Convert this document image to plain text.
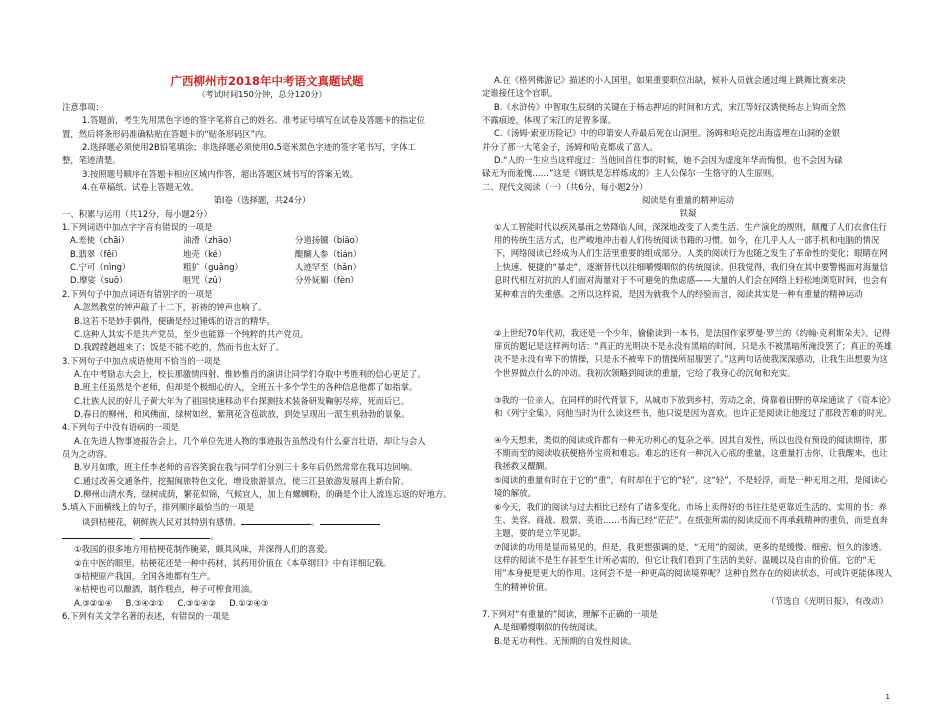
广西柳州市2018年中考语文真题试题

（考试时间150分钟，总分120分）

注意事项：

1.答题前，考生先用黑色字迹的签字笔将自己的姓名、准考证号填写在试卷及答题卡的指定位

置，然后将条形码准确粘贴在答题卡的“贴条形码区”内。

2.选择题必须使用2B铅笔填涂；非选择题必须使用0.5毫米黑色字迹的签字笔书写，字体工

整，笔迹清楚。

3.按照题号顺序在答题卡相应区域内作答，超出答题区域书写的答案无效。

4.在草稿纸、试卷上答题无效。

第Ⅰ卷（选择题，共24分）

一、积累与运用（共12分，每小题2分）

1.下列词语中加点字字音有错误的一项是

A.差使（chāi）	油滑（zhāo）	分道扬镳（biāo）
B.翡翠（fěi）	地壳（ké）	醍醐人参（tián）
C.宁可（nìng）	粗犷（guǎng）	人迹罕至（hǎn）
D.摩娑（suō）	咀咒（zǔ）	分外妩媚（fèn）

2.下列句子中加点词语有错别字的一项是

A.忽然教堂的钟声敲了十二下，祈祷的钟声也响了。

B.这若不是妙手偶得，便确是经过锤炼的语言的精华。

C.这种人其实不是共产党员，至少也能算一个纯粹的共产党员。

D.我蹚蹚趔趄来了；饭是不能不吃的，然而书也太好了。

3.下列句子中加点成语使用不恰当的一项是

A.在中考励志大会上，校长那激情四射、惟妙惟肖的演讲让同学们夺取中考胜利的信心更足了。

B.班主任虽然是个老师，但却是个极细心的人，全班五十多个学生的各种信息他都了如指掌。

C.壮族人民的好儿子黄大年为了祖国快速移动平台探测技术装备研发鞠躬尽瘁，死而后已。

D.春日的柳州，和风佛面，绿树如丝，紫荆花含苞欲放，到处呈现出一派生机勃勃的景象。

4.下列句子中没有语病的一项是

A.在先进人物事迹报告会上，几个单位先进人物的事迹报告虽然没有什么豪言壮语，却让与会人

员为之动容。

B.岁月如歌，班主任李老师的音容笑貌在我与同学们分别三十多年后仍然常常在我耳边回响。

C.通过改善交通条件，挖掘闽旅特色文化，增设旅游景点，使三江县旅游发展再上新台阶。

D.柳州山清水秀，绿树成荫，繁花似锦，气候宜人，加上有螺蛳粉，的确是个让人流连忘返的好地方。

5.填入下面横线上的句子，排列顺序最恰当的一项是

谈到桔梗花，朝鲜族人民对其特别有感情。	。

。	。

①我国的很多地方用桔梗花制作腌菜，颇具风味，并深得人们的喜爱。

②在中医的眼里，桔梗花还是一种中药材，其药用价值在《本草纲目》中有详细记载。

③桔梗原产我国，全国各地都有生产。

④桔梗也可以酿酒，制作糕点，种子可榨食用油。

A.③②①④     B.③④②①     C.③①④②     D.①②④③

6.下列有关文学名著的表述，有错误的一项是

A.在《格列佛游记》描述的小人国里，如果重要职位出缺，候补人员就会通过绳上跳舞比赛来决

定谁接任这个官职。

B.《水浒传》中智取生辰纲的关键在于杨志押运的时间和方式，宋江等好汉诱使杨志上钩而全然

不露痕迹，体现了宋江的足智多谋。

C.《汤姆·索亚历险记》中的印第安人乔最后死在山洞里。汤姆和哈克挖出海盗埋在山洞的金银

并分了那一大笔金子，汤姆和哈克都成了富人。

D.“人的一生应当这样度过：当他回首往事的时候，她不会因为虚度年华而悔恨，也不会因为碌

碌无为而羞愧……”这是《钢铁是怎样炼成的》主人公保尔一生恪守的人生原则。

二、现代文阅读（一）（共6分，每小题2分）

阅读是有重量的精神运动

铁凝

①人工智能时代以疾风暴雨之势降临人间，深深地改变了人类生活、生产演化的规则，颠覆了人们衣食住行用的传统生活方式，也严峻地冲击着人们传统阅读书籍的习惯。如今，在几乎人人一部手机和电脑的情况下，网络阅读已经成为人们生活里重要的组成部分。人类的阅读行为也随之发生了革命性的变化；眼睛在网上快速、便捷的“暴走”，逐渐替代以往细嚼慢咽似的传统阅读。但我觉得，我们身在其中要警惕面对海量信息时代相互对抗的人们面对海量对于不可避免的焦虑感——大量的人们会在网络上轻松地浏览时间，也会有某种难言的失重感。之所以这样说，是因为就我个人的经验而言，阅读其实是一种有重量的精神运动

②上世纪70年代初，我还是一个少年，偷偷读到一本书，是法国作家罗曼·罗兰的《约翰·克利斯朵夫》。记得扉页的题记是这样两句话：“真正的光明决不是永没有黑暗的时间，只是永不被黑暗所淹没罢了；真正的英雄决不是永没有卑下的情操，只是永不被卑下的情操所屈服罢了。”这两句话使我深深感动，让我生出想要为这个世界做点什么的冲动。我初次领略到阅读的重量，它给了我身心的沉甸和充实。

③我的一位亲人，在同样的时代背景下，从城市下放到乡村，劳动之余，倚靠着田野的草垛通读了《资本论》和《列宁全集》。问他当时为什么读这些书，他只说是因为喜欢。也许正是阅读让他度过了那段苦难的时光。

④今天想来，类似的阅读或许都有一种无功利心的复杂之举。因其自发性，所以也没有预设的阅读期待，那不期而至的阅读收获便格外宝贵和难忘。难忘的还有一种沉入心底的重量，这重量打击你，让我醒来，也让我拯救又醍醐。

⑤阅读的重量有时在于它的“重”，有时却在于它的“轻”，这“轻”，不是轻浮，而是一种无用之用，是阅读心境的解放。

⑥今天，我们的阅读与过去相比已经有了诸多变化。市场上卖得好的书往往是更靠近生活的、实用的书：养生、美容、商战、股票、英语……书海已经“茫茫”。在纸张所需的阅读反而不再承载精神的重负，而是直奔主题，要的是立竿见影。

⑦阅读的功用是显而易见的，但是，我更想强调的是，“无用”的阅读，更多的是缓慢、细密、恒久的渗透。这样的阅读不是生存甚至生计所必需的，但它让我们看到了生活的美好、温暖以及自由的价值。它的“无用”本身便是更大的作用。这何尝不是一种更高的阅读境界呢？这种自然存在的阅读状态，可或许更能体现人生的精神价值。

（节选自《光明日报》，有改动）

7.下列对“有重量的”阅读，理解不正确的一项是

A.是细嚼慢咽似的传统阅读。

B.是无功利性、无预期的自发性阅读。

1
